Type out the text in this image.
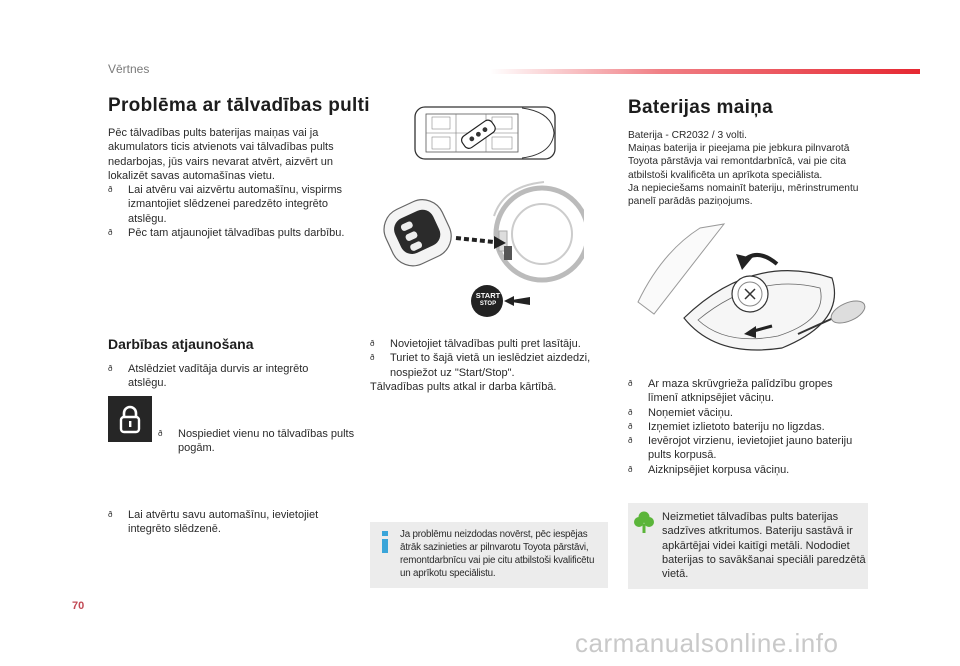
Vērtnes
Problēma ar tālvadības pulti
Pēc tālvadības pults baterijas maiņas vai ja akumulators ticis atvienots vai tālvadības pults nedarbojas, jūs vairs nevarat atvērt, aizvērt un lokalizēt savas automašīnas vietu.
ð Lai atvēru vai aizvērtu automašīnu, vispirms izmantojiet slēdzenei paredzēto integrēto atslēgu.
ð Pēc tam atjaunojiet tālvadības pults darbību.
Darbības atjaunošana
ð Atslēdziet vadītāja durvis ar integrēto atslēgu.
ð Nospiediet vienu no tālvadības pults pogām.
ð Lai atvērtu savu automašīnu, ievietojiet integrēto slēdzenē.
START
STOP
ð Novietojiet tālvadības pulti pret lasītāju.
ð Turiet to šajā vietā un ieslēdziet aizdedzi, nospiežot uz "Start/Stop".
Tālvadības pults atkal ir darba kārtībā.
Ja problēmu neizdodas novērst, pēc iespējas ātrāk sazinieties ar pilnvarotu Toyota pārstāvi, remontdarbnīcu vai pie citu atbilstoši kvalificētu un aprīkotu speciālistu.
Baterijas maiņa
Baterija - CR2032 / 3 volti.
Maiņas baterija ir pieejama pie jebkura pilnvarotā Toyota pārstāvja vai remontdarbnīcā, vai pie cita atbilstoši kvalificēta un aprīkota speciālista.
Ja nepieciešams nomainīt bateriju, mērinstrumentu panelī parādās paziņojums.
ð Ar maza skrūvgrieža palīdzību gropes līmenī atknipsējiet vāciņu.
ð Noņemiet vāciņu.
ð Izņemiet izlietoto bateriju no ligzdas.
ð Ievērojot virzienu, ievietojiet jauno bateriju pults korpusā.
ð Aizknipsējiet korpusa vāciņu.
Neizmetiet tālvadības pults baterijas sadzīves atkritumos. Bateriju sastāvā ir apkārtējai videi kaitīgi metāli. Nododiet baterijas to savākšanai speciāli paredzētā vietā.
70
carmanualsonline.info
